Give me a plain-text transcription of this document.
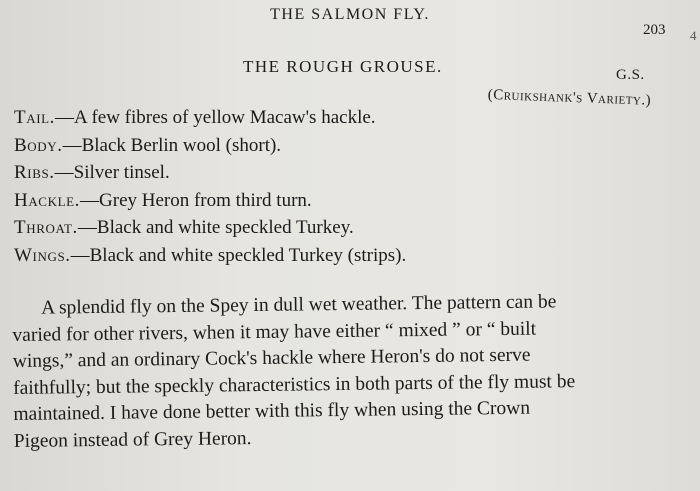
THE SALMON FLY.
203 4
THE ROUGH GROUSE.	G.S.
(Cruikshank's Variety.)
Tail.—A few fibres of yellow Macaw's hackle.
Body.—Black Berlin wool (short).
Ribs.—Silver tinsel.
Hackle.—Grey Heron from third turn.
Throat.—Black and white speckled Turkey.
Wings.—Black and white speckled Turkey (strips).

A splendid fly on the Spey in dull wet weather. The pattern can be

varied for other rivers, when it may have either “ mixed ” or “ built

wings,” and an ordinary Cock's hackle where Heron's do not serve

faithfully; but the speckly characteristics in both parts of the fly must be

maintained. I have done better with this fly when using the Crown

Pigeon instead of Grey Heron.
